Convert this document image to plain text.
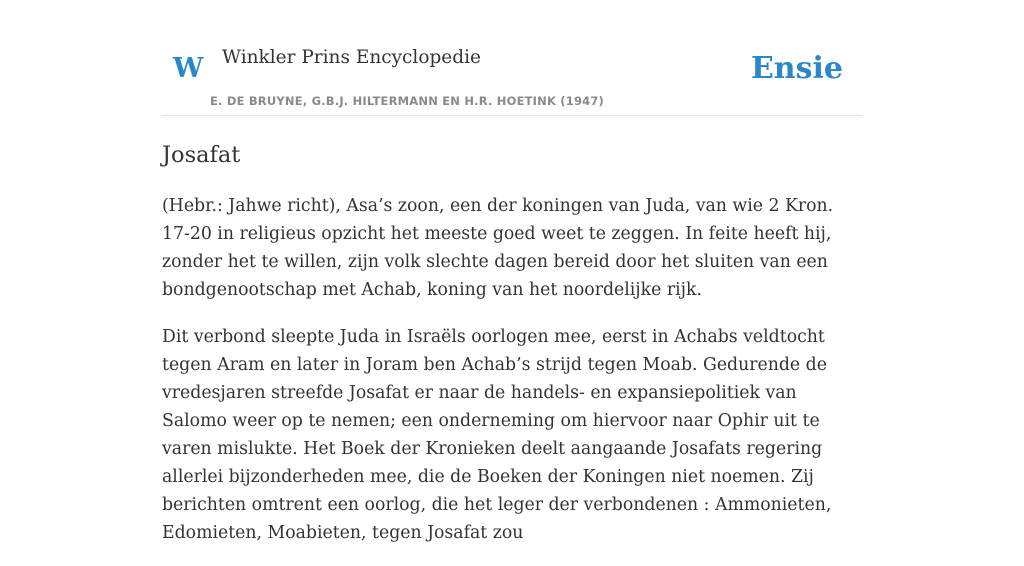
W Winkler Prins Encyclopedie
E. DE BRUYNE, G.B.J. HILTERMANN EN H.R. HOETINK (1947)
Ensie
Josafat

(Hebr.: Jahwe richt), Asa’s zoon, een der koningen van Juda, van wie 2 Kron. 17-20 in religieus opzicht het meeste goed weet te zeggen. In feite heeft hij, zonder het te willen, zijn volk slechte dagen bereid door het sluiten van een bondgenootschap met Achab, koning van het noordelijke rijk.

Dit verbond sleepte Juda in Israëls oorlogen mee, eerst in Achabs veldtocht tegen Aram en later in Joram ben Achab’s strijd tegen Moab. Gedurende de vredesjaren streefde Josafat er naar de handels- en expansiepolitiek van Salomo weer op te nemen; een onderneming om hiervoor naar Ophir uit te varen mislukte. Het Boek der Kronieken deelt aangaande Josafats regering allerlei bijzonderheden mee, die de Boeken der Koningen niet noemen. Zij berichten omtrent een oorlog, die het leger der verbondenen : Ammonieten, Edomieten, Moabieten, tegen Josafat zou
